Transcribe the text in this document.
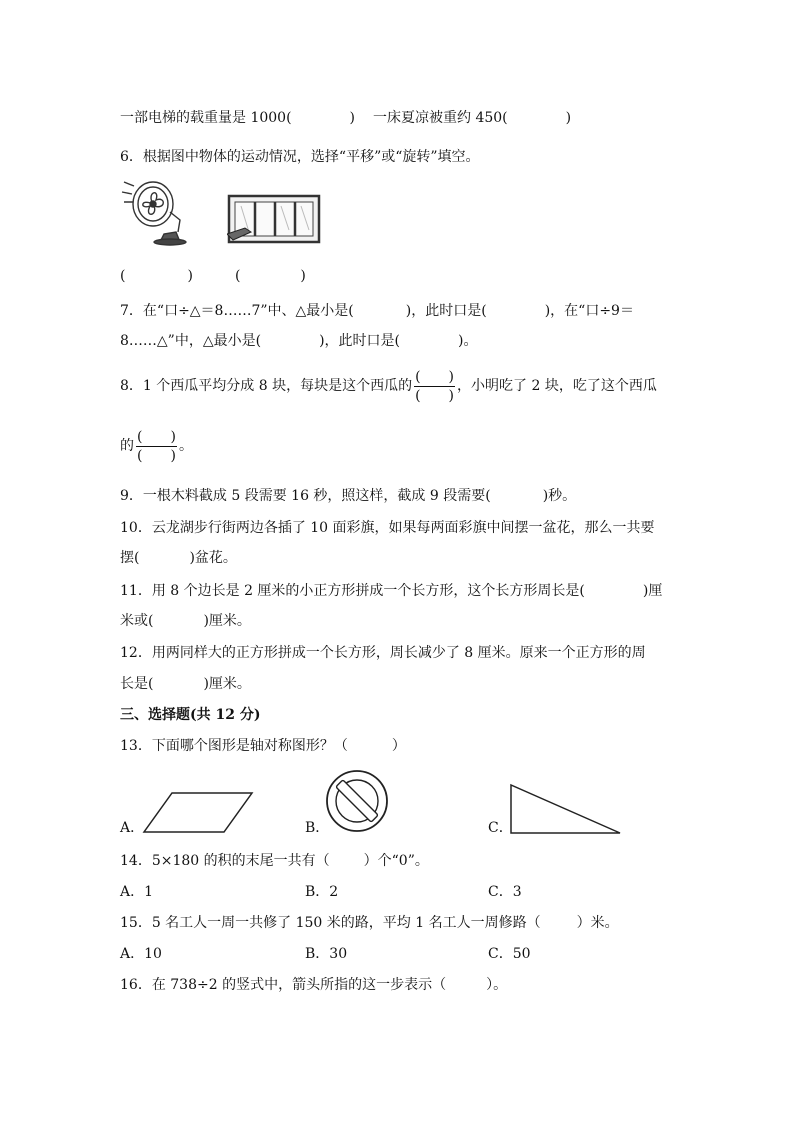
一部电梯的载重量是 1000(	) 一床夏凉被重约 450(	)
6．根据图中物体的运动情况，选择“平移”或“旋转”填空。
(	)	(	)
7．在“口÷△＝8……7”中、△最小是(	)，此时口是(	)，在“口÷9＝
8……△”中，△最小是(	)，此时口是(	)。
8．1 个西瓜平均分成 8 块，每块是这个西瓜的 $\frac{( )}{( )}$ ，小明吃了 2 块，吃了这个西瓜
的 $\frac{( )}{( )}$ 。
9．一根木料截成 5 段需要 16 秒，照这样，截成 9 段需要(	)秒。
10．云龙湖步行街两边各插了 10 面彩旗，如果每两面彩旗中间摆一盆花，那么一共要
摆(	)盆花。
11．用 8 个边长是 2 厘米的小正方形拼成一个长方形，这个长方形周长是(	)厘
米或(	)厘米。
12．用两同样大的正方形拼成一个长方形，周长减少了 8 厘米。原来一个正方形的周
长是(	)厘米。
三、选择题(共 12 分)
13．下面哪个图形是轴对称图形？（	）
A．	B．	C．
14．5×180 的积的末尾一共有（ ）个“0”。
A．1	B．2	C．3
15．5 名工人一周一共修了 150 米的路，平均 1 名工人一周修路（	）米。
A．10	B．30	C．50
16．在 738÷2 的竖式中，箭头所指的这一步表示（	）。
